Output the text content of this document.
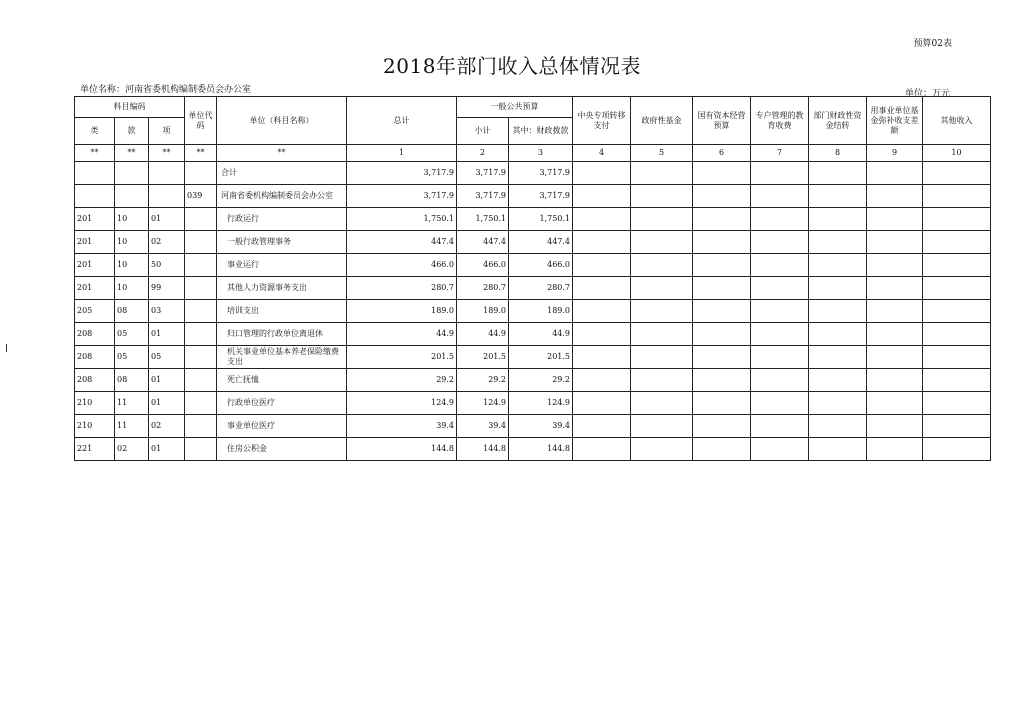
预算02表
2018年部门收入总体情况表
单位名称：河南省委机构编制委员会办公室	单位：万元
科目编码			单位代码	单位（科目名称）	总计	一般公共预算		中央专项转移支付	政府性基金	国有资本经营预算	专户管理的教育收费	部门财政性资金结转	用事业单位基金弥补收支差额	其他收入
类	款	项				小计	其中：财政拨款							
**	**	**	**	**	1	2	3	4	5	6	7	8	9	10
				合计	3,717.9	3,717.9	3,717.9							
			039	河南省委机构编制委员会办公室	3,717.9	3,717.9	3,717.9							
201	10	01		行政运行	1,750.1	1,750.1	1,750.1							
201	10	02		一般行政管理事务	447.4	447.4	447.4							
201	10	50		事业运行	466.0	466.0	466.0							
201	10	99		其他人力资源事务支出	280.7	280.7	280.7							
205	08	03		培训支出	189.0	189.0	189.0							
208	05	01		归口管理的行政单位离退休	44.9	44.9	44.9							
208	05	05		机关事业单位基本养老保险缴费支出	201.5	201.5	201.5							
208	08	01		死亡抚恤	29.2	29.2	29.2							
210	11	01		行政单位医疗	124.9	124.9	124.9							
210	11	02		事业单位医疗	39.4	39.4	39.4							
221	02	01		住房公积金	144.8	144.8	144.8							
